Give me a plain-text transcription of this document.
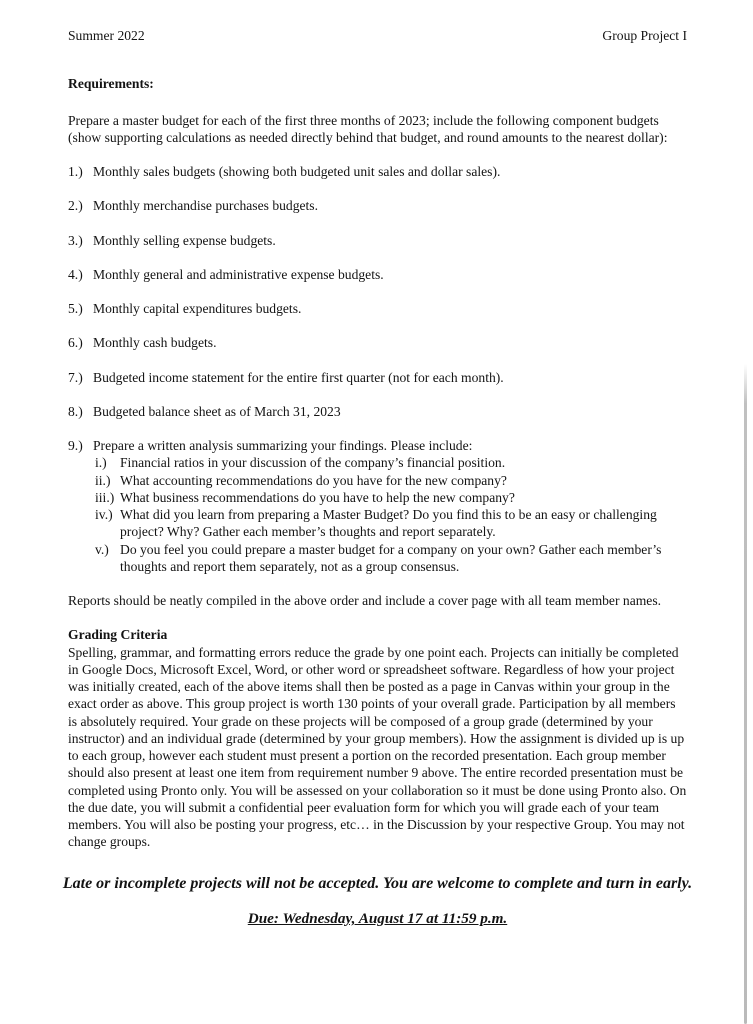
Summer 2022	Group Project I
Requirements:

Prepare a master budget for each of the first three months of 2023; include the following component budgets (show supporting calculations as needed directly behind that budget, and round amounts to the nearest dollar):

1.) Monthly sales budgets (showing both budgeted unit sales and dollar sales).
2.) Monthly merchandise purchases budgets.
3.) Monthly selling expense budgets.
4.) Monthly general and administrative expense budgets.
5.) Monthly capital expenditures budgets.
6.) Monthly cash budgets.
7.) Budgeted income statement for the entire first quarter (not for each month).
8.) Budgeted balance sheet as of March 31, 2023
9.) Prepare a written analysis summarizing your findings. Please include:
i.) Financial ratios in your discussion of the company’s financial position.
ii.) What accounting recommendations do you have for the new company?
iii.) What business recommendations do you have to help the new company?
iv.) What did you learn from preparing a Master Budget? Do you find this to be an easy or challenging project? Why? Gather each member’s thoughts and report separately.
v.) Do you feel you could prepare a master budget for a company on your own? Gather each member’s thoughts and report them separately, not as a group consensus.

Reports should be neatly compiled in the above order and include a cover page with all team member names.

Grading Criteria

Spelling, grammar, and formatting errors reduce the grade by one point each. Projects can initially be completed in Google Docs, Microsoft Excel, Word, or other word or spreadsheet software. Regardless of how your project was initially created, each of the above items shall then be posted as a page in Canvas within your group in the exact order as above. This group project is worth 130 points of your overall grade. Participation by all members is absolutely required. Your grade on these projects will be composed of a group grade (determined by your instructor) and an individual grade (determined by your group members). How the assignment is divided up is up to each group, however each student must present a portion on the recorded presentation. Each group member should also present at least one item from requirement number 9 above. The entire recorded presentation must be completed using Pronto only. You will be assessed on your collaboration so it must be done using Pronto also. On the due date, you will submit a confidential peer evaluation form for which you will grade each of your team members. You will also be posting your progress, etc… in the Discussion by your respective Group. You may not change groups.

Late or incomplete projects will not be accepted. You are welcome to complete and turn in early.

Due: Wednesday, August 17 at 11:59 p.m.
